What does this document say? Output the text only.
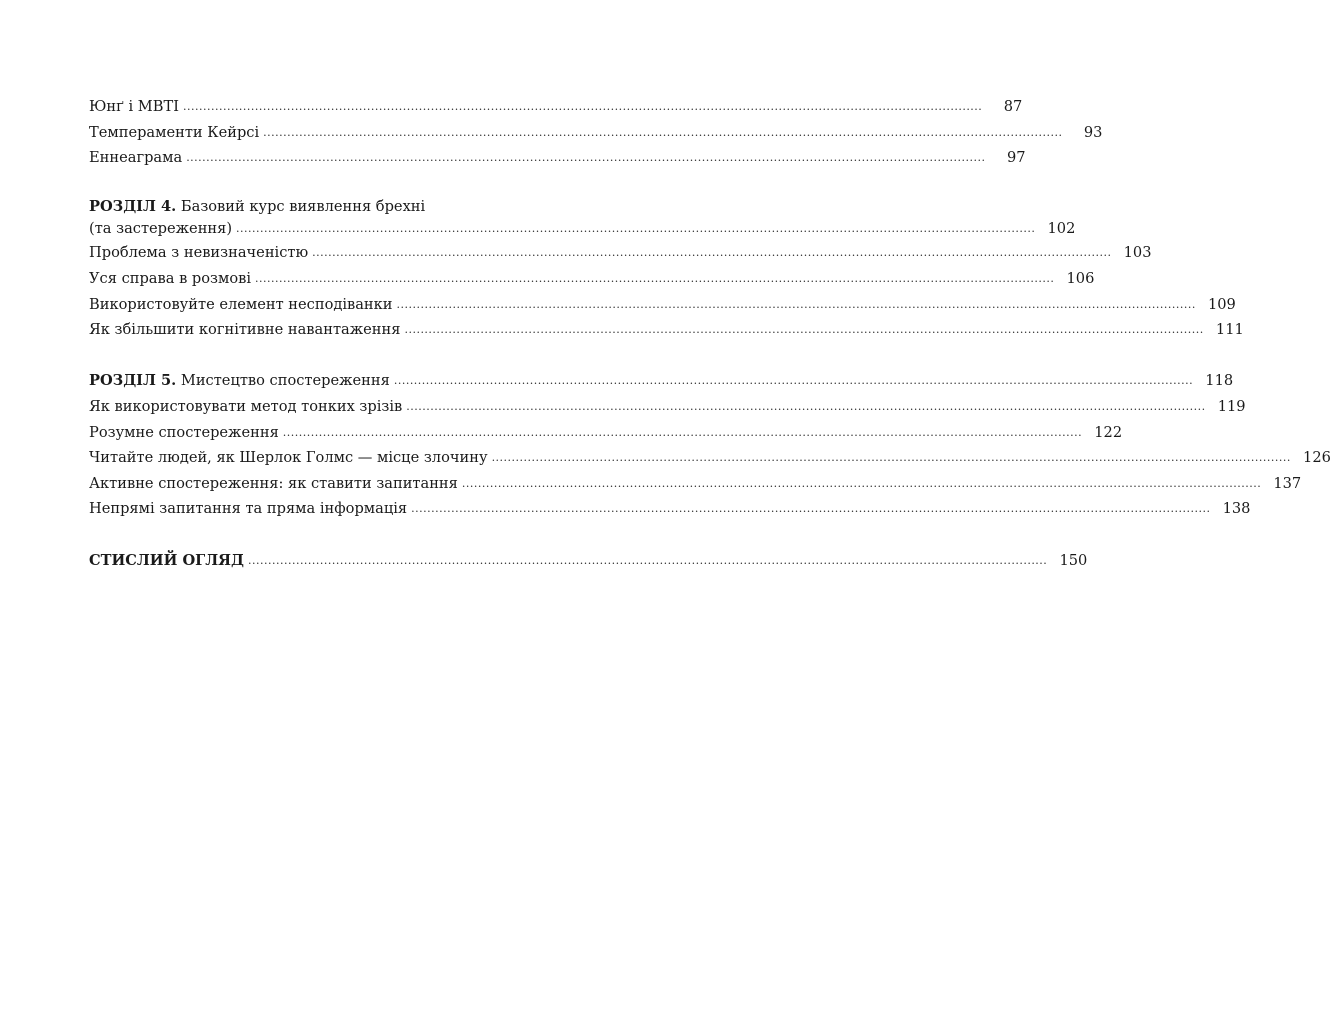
Юнґ і MBTI ........................................................................................................................................................................................................	87
Темпераменти Кейрсі ........................................................................................................................................................................................................	93
Еннеаграма ........................................................................................................................................................................................................	97
РОЗДІЛ 4. Базовий курс виявлення брехні
(та застереження) ........................................................................................................................................................................................................ 102
Проблема з невизначеністю ........................................................................................................................................................................................................ 103
Уся справа в розмові ........................................................................................................................................................................................................ 106
Використовуйте елемент несподіванки ........................................................................................................................................................................................................ 109
Як збільшити когнітивне навантаження ........................................................................................................................................................................................................ 111
РОЗДІЛ 5. Мистецтво спостереження ........................................................................................................................................................................................................ 118
Як використовувати метод тонких зрізів ........................................................................................................................................................................................................ 119
Розумне спостереження ........................................................................................................................................................................................................ 122
Читайте людей, як Шерлок Голмс — місце злочину ........................................................................................................................................................................................................ 126
Активне спостереження: як ставити запитання ........................................................................................................................................................................................................ 137
Непрямі запитання та пряма інформація ........................................................................................................................................................................................................ 138
СТИСЛИЙ ОГЛЯД ........................................................................................................................................................................................................ 150
